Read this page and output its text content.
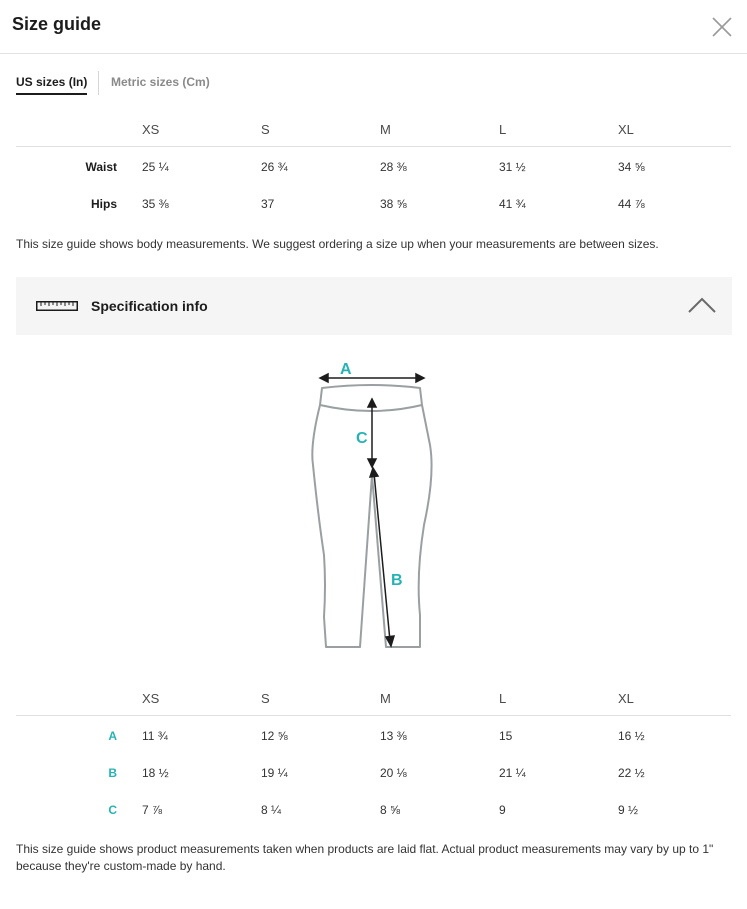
Size guide
US sizes (In) Metric sizes (Cm)
XS	S	M	L	XL
Waist 25 ¼	26 ¾	28 ⅜	31 ½	34 ⅝
Hips 35 ⅜	37	38 ⅝	41 ¾	44 ⅞
This size guide shows body measurements. We suggest ordering a size up when your measurements are between sizes.
Specification info
A
C
B
XS	S	M	L	XL
A 11 ¾	12 ⅝	13 ⅜	15	16 ½
B 18 ½	19 ¼	20 ⅛	21 ¼	22 ½
C 7 ⅞	8 ¼	8 ⅝	9	9 ½
This size guide shows product measurements taken when products are laid flat. Actual product measurements may vary by up to 1" because they're custom-made by hand.
